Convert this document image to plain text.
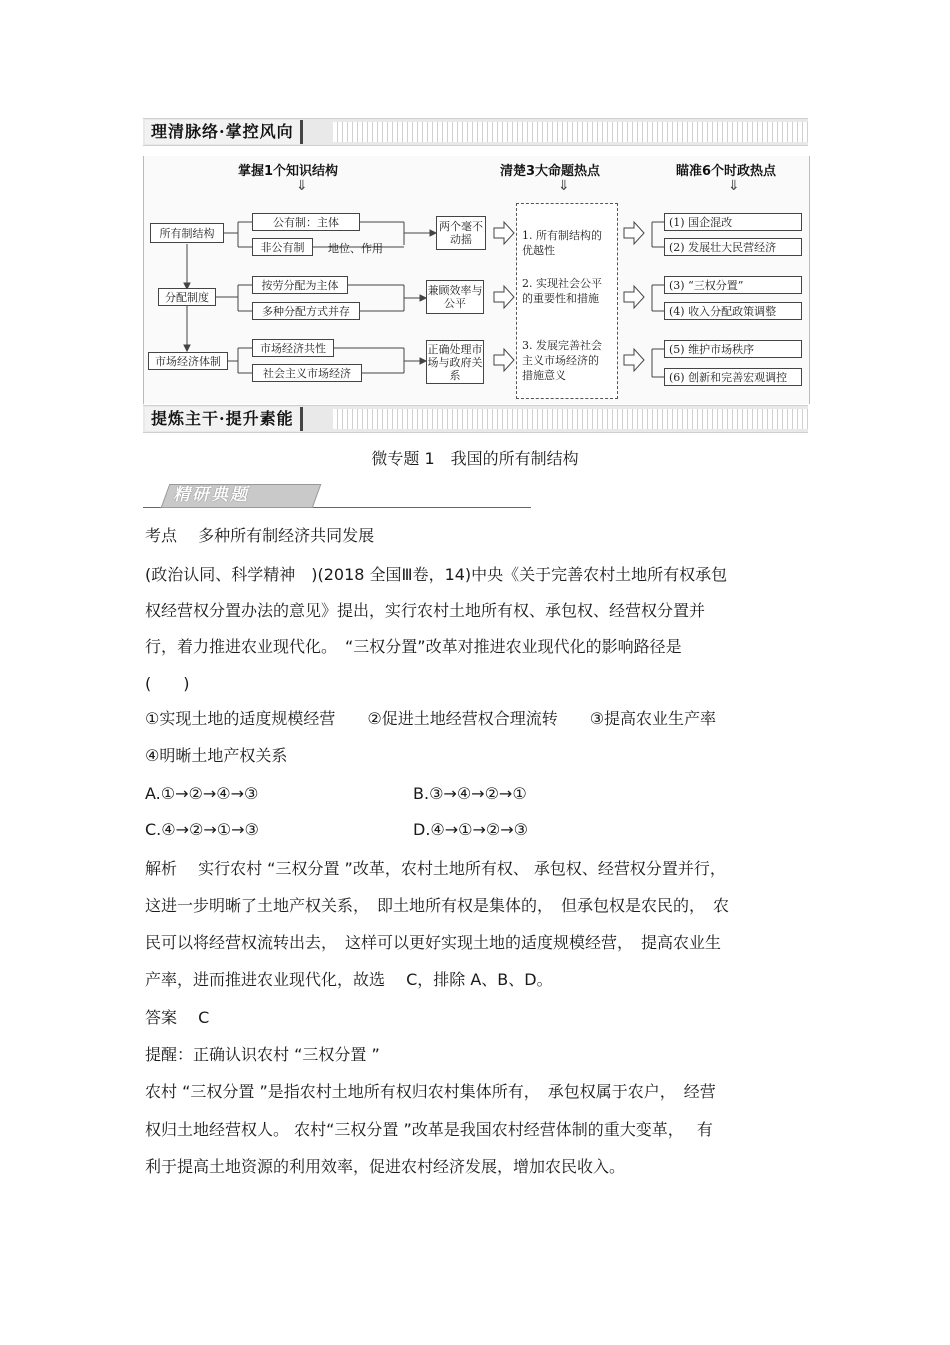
理清脉络·掌控风向
掌握1个知识结构	清楚3大命题热点	瞄准6个时政热点
⇓	⇓	⇓
所有制结构
公有制：主体
非公有制	地位、作用
两个毫不动摇
分配制度
按劳分配为主体
多种分配方式并存
兼顾效率与公平
市场经济体制
市场经济共性
社会主义市场经济
正确处理市场与政府关系
1. 所有制结构的优越性
2. 实现社会公平的重要性和措施
3. 发展完善社会主义市场经济的措施意义
(1) 国企混改
(2) 发展壮大民营经济
(3) “三权分置”
(4) 收入分配政策调整
(5) 维护市场秩序
(6) 创新和完善宏观调控
提炼主干·提升素能
微专题 1　我国的所有制结构
精研典题
考点　 多种所有制经济共同发展
(政治认同、科学精神　)(2018 全国Ⅲ卷，14)中央《关于完善农村土地所有权承包
权经营权分置办法的意见》提出，实行农村土地所有权、承包权、经营权分置并
行，着力推进农业现代化。　“三权分置”改革对推进农业现代化的影响路径是
(　　)
①实现土地的适度规模经营　　②促进土地经营权合理流转　　③提高农业生产率
④明晰土地产权关系
A.①→②→④→③	B.③→④→②→①
C.④→②→①→③	D.④→①→②→③
解析　 实行农村 “三权分置 ”改革，农村土地所有权、 承包权、经营权分置并行，
这进一步明晰了土地产权关系，　即土地所有权是集体的，　但承包权是农民的，　农
民可以将经营权流转出去，　这样可以更好实现土地的适度规模经营，　提高农业生
产率，进而推进农业现代化，故选　 C，排除 A、B、D。
答案　 C
提醒：正确认识农村 “三权分置 ”
农村 “三权分置 ”是指农村土地所有权归农村集体所有，　承包权属于农户，　经营
权归土地经营权人。 农村“三权分置 ”改革是我国农村经营体制的重大变革，　 有
利于提高土地资源的利用效率，促进农村经济发展，增加农民收入。
